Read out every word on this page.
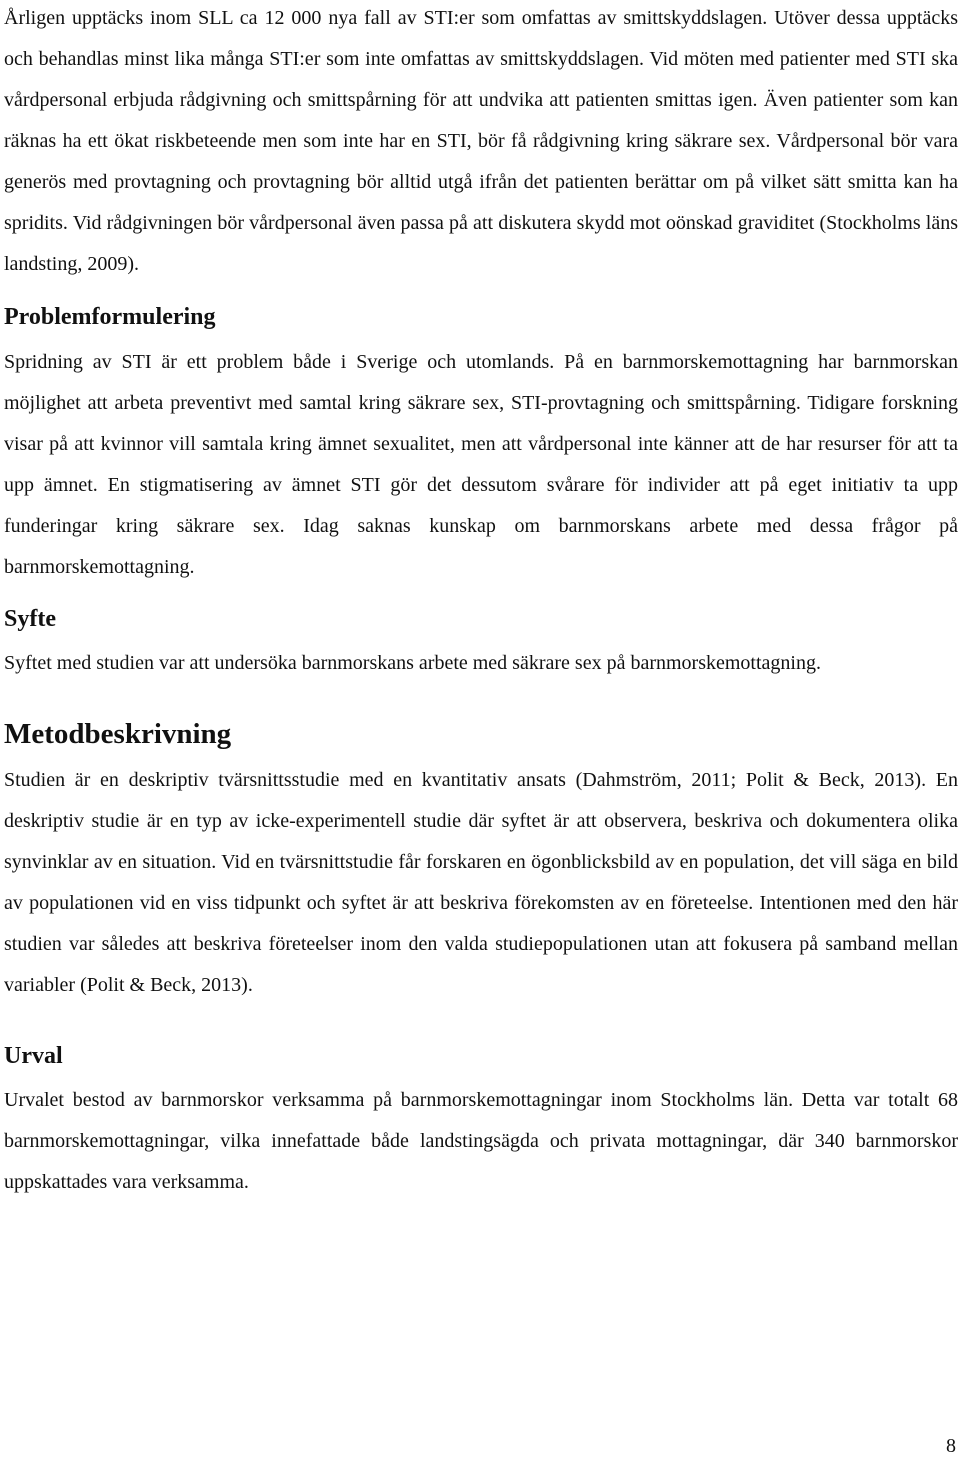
Årligen upptäcks inom SLL ca 12 000 nya fall av STI:er som omfattas av smittskyddslagen. Utöver dessa upptäcks och behandlas minst lika många STI:er som inte omfattas av smittskyddslagen. Vid möten med patienter med STI ska vårdpersonal erbjuda rådgivning och smittspårning för att undvika att patienten smittas igen. Även patienter som kan räknas ha ett ökat riskbeteende men som inte har en STI, bör få rådgivning kring säkrare sex. Vårdpersonal bör vara generös med provtagning och provtagning bör alltid utgå ifrån det patienten berättar om på vilket sätt smitta kan ha spridits. Vid rådgivningen bör vårdpersonal även passa på att diskutera skydd mot oönskad graviditet (Stockholms läns landsting, 2009).

Problemformulering

Spridning av STI är ett problem både i Sverige och utomlands. På en barnmorskemottagning har barnmorskan möjlighet att arbeta preventivt med samtal kring säkrare sex, STI-provtagning och smittspårning. Tidigare forskning visar på att kvinnor vill samtala kring ämnet sexualitet, men att vårdpersonal inte känner att de har resurser för att ta upp ämnet. En stigmatisering av ämnet STI gör det dessutom svårare för individer att på eget initiativ ta upp funderingar kring säkrare sex. Idag saknas kunskap om barnmorskans arbete med dessa frågor på barnmorskemottagning.

Syfte

Syftet med studien var att undersöka barnmorskans arbete med säkrare sex på barnmorskemottagning.

Metodbeskrivning

Studien är en deskriptiv tvärsnittsstudie med en kvantitativ ansats (Dahmström, 2011; Polit & Beck, 2013). En deskriptiv studie är en typ av icke-experimentell studie där syftet är att observera, beskriva och dokumentera olika synvinklar av en situation. Vid en tvärsnittstudie får forskaren en ögonblicksbild av en population, det vill säga en bild av populationen vid en viss tidpunkt och syftet är att beskriva förekomsten av en företeelse. Intentionen med den här studien var således att beskriva företeelser inom den valda studiepopulationen utan att fokusera på samband mellan variabler (Polit & Beck, 2013).

Urval

Urvalet bestod av barnmorskor verksamma på barnmorskemottagningar inom Stockholms län. Detta var totalt 68 barnmorskemottagningar, vilka innefattade både landstingsägda och privata mottagningar, där 340 barnmorskor uppskattades vara verksamma.

8
